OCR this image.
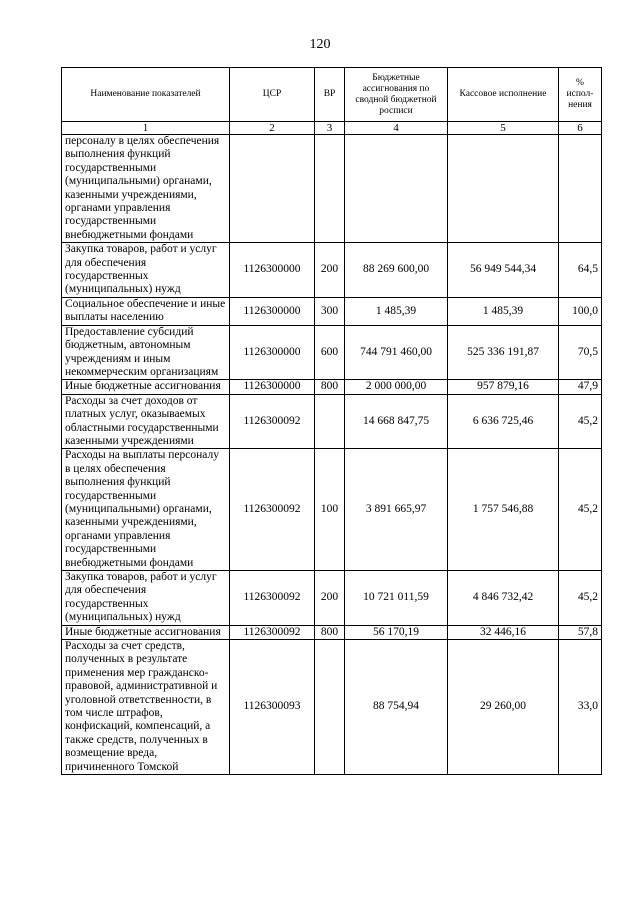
120
Наименование показателей	ЦСР	ВР	Бюджетные ассигнования по сводной бюджетной росписи	Кассовое исполнение	% испол-нения
1	2	3	4	5	6
персоналу в целях обеспечения выполнения функций государственными (муниципальными) органами, казенными учреждениями, органами управления государственными внебюджетными фондами					
Закупка товаров, работ и услуг для обеспечения государственных (муниципальных) нужд	1126300000	200	88 269 600,00	56 949 544,34	64,5
Социальное обеспечение и иные выплаты населению	1126300000	300	1 485,39	1 485,39	100,0
Предоставление субсидий бюджетным, автономным учреждениям и иным некоммерческим организациям	1126300000	600	744 791 460,00	525 336 191,87	70,5
Иные бюджетные ассигнования	1126300000	800	2 000 000,00	957 879,16	47,9
Расходы за счет доходов от платных услуг, оказываемых областными государственными казенными учреждениями	1126300092		14 668 847,75	6 636 725,46	45,2
Расходы на выплаты персоналу в целях обеспечения выполнения функций государственными (муниципальными) органами, казенными учреждениями, органами управления государственными внебюджетными фондами	1126300092	100	3 891 665,97	1 757 546,88	45,2
Закупка товаров, работ и услуг для обеспечения государственных (муниципальных) нужд	1126300092	200	10 721 011,59	4 846 732,42	45,2
Иные бюджетные ассигнования	1126300092	800	56 170,19	32 446,16	57,8
Расходы за счет средств, полученных в результате применения мер гражданско-правовой, административной и уголовной ответственности, в том числе штрафов, конфискаций, компенсаций, а также средств, полученных в возмещение вреда, причиненного Томской	1126300093		88 754,94	29 260,00	33,0
